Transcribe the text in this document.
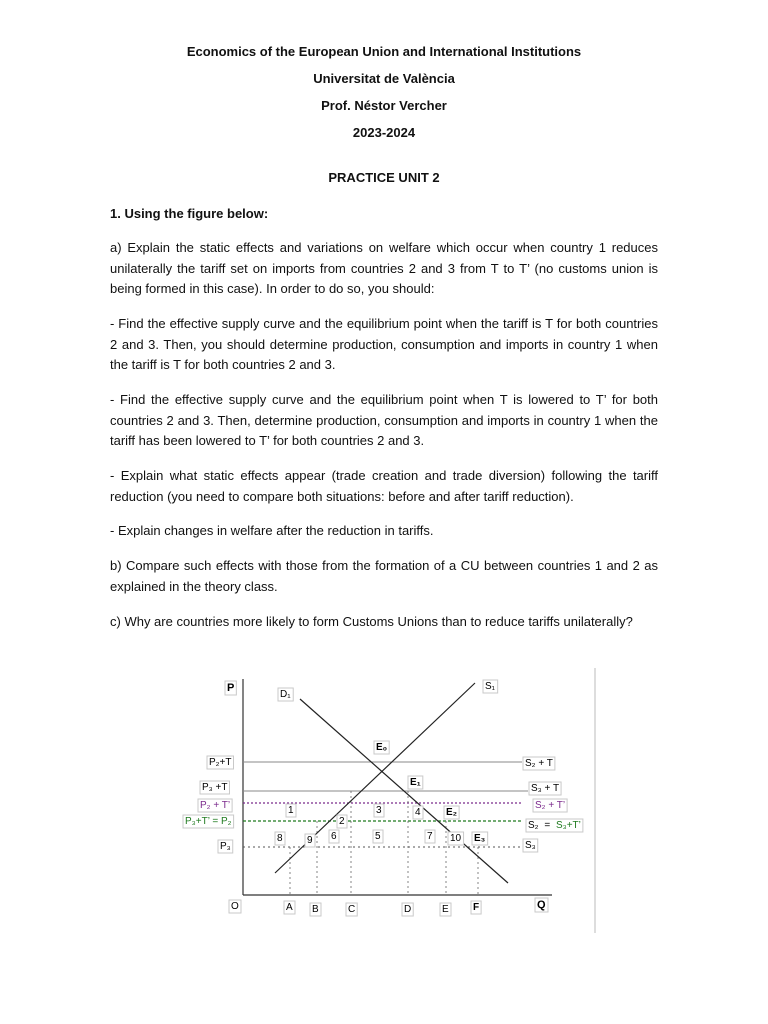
Economics of the European Union and International Institutions
Universitat de València
Prof. Néstor Vercher
2023-2024
PRACTICE UNIT 2

1. Using the figure below:

a) Explain the static effects and variations on welfare which occur when country 1 reduces unilaterally the tariff set on imports from countries 2 and 3 from T to T’ (no customs union is being formed in this case). In order to do so, you should:

- Find the effective supply curve and the equilibrium point when the tariff is T for both countries 2 and 3. Then, you should determine production, consumption and imports in country 1 when the tariff is T for both countries 2 and 3.

- Find the effective supply curve and the equilibrium point when T is lowered to T’ for both countries 2 and 3. Then, determine production, consumption and imports in country 1 when the tariff has been lowered to T’ for both countries 2 and 3.

- Explain what static effects appear (trade creation and trade diversion) following the tariff reduction (you need to compare both situations: before and after tariff reduction).

- Explain changes in welfare after the reduction in tariffs.

b) Compare such effects with those from the formation of a CU between countries 1 and 2 as explained in the theory class.

c) Why are countries more likely to form Customs Unions than to reduce tariffs unilaterally?

P
Q
O
D₁
S₁
P₂+T
P₃ +T
P₂ + T’
P₃+T’ = P₂
P₃
S₂ + T
S₃ + T
S₂ + T’
S₂ = S₃+T’
S₃
E₀
E₁
E₂
E₃
1
2
3	4
5
6	7
8 9	10
A B	C	D	E F
